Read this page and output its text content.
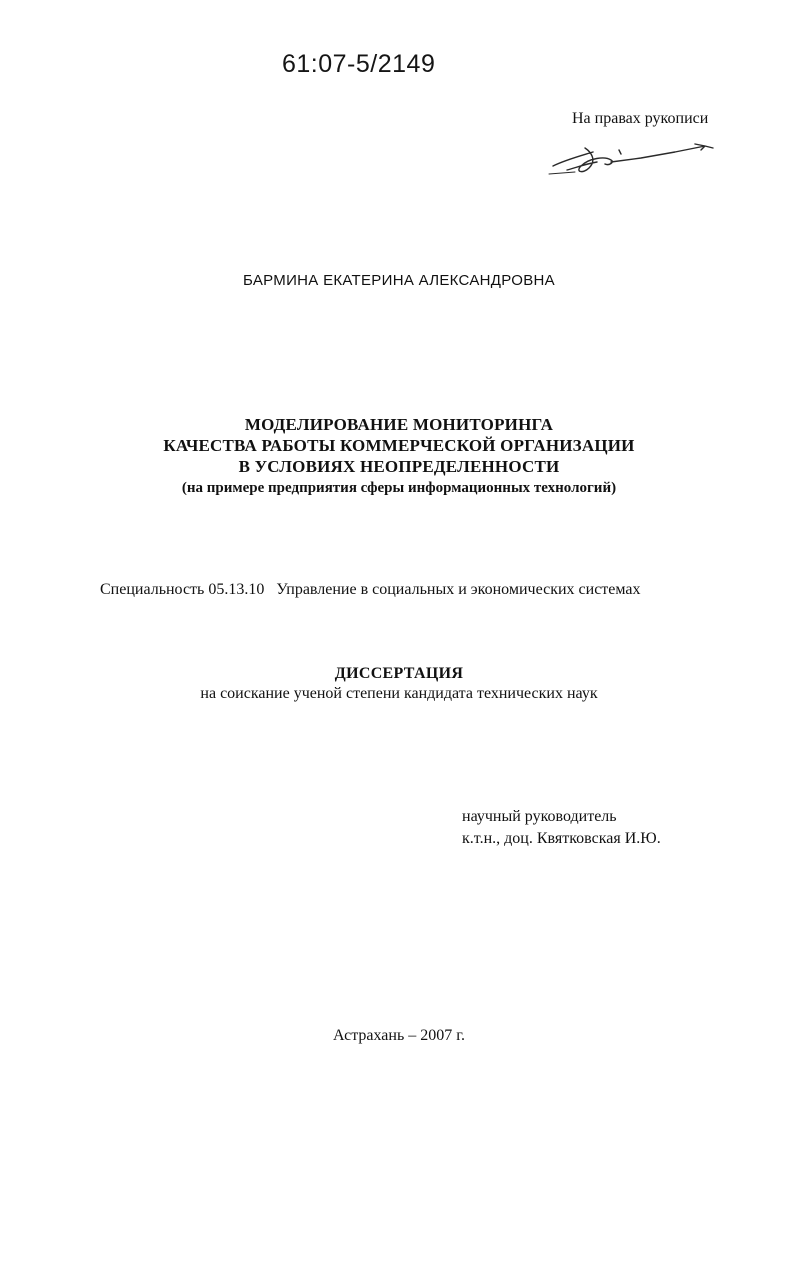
61:07-5/2149
На правах рукописи
БАРМИНА ЕКАТЕРИНА АЛЕКСАНДРОВНА
МОДЕЛИРОВАНИЕ МОНИТОРИНГА
КАЧЕСТВА РАБОТЫ КОММЕРЧЕСКОЙ ОРГАНИЗАЦИИ
В УСЛОВИЯХ НЕОПРЕДЕЛЕННОСТИ
(на примере предприятия сферы информационных технологий)
Специальность 05.13.10 Управление в социальных и экономических системах
ДИССЕРТАЦИЯ
на соискание ученой степени кандидата технических наук
научный руководитель
к.т.н., доц. Квятковская И.Ю.
Астрахань – 2007 г.
